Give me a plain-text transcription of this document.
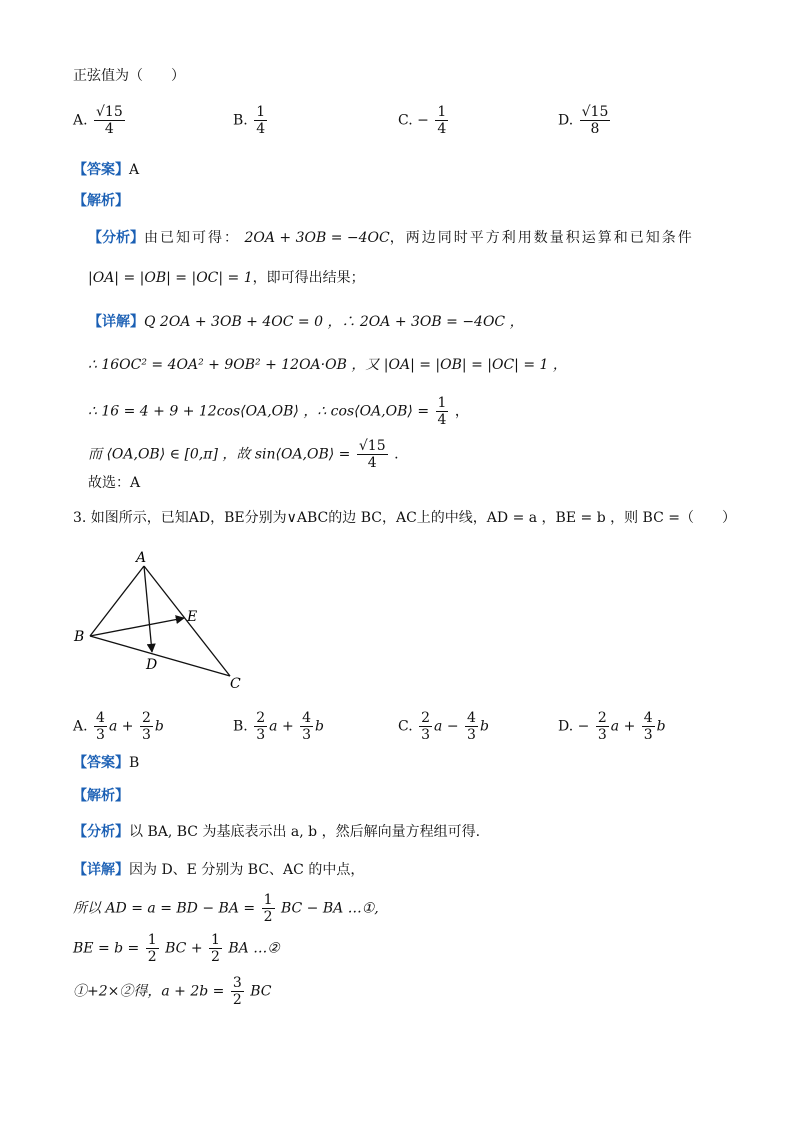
正弦值为（　　）
A. $\frac{√15}{4}$	B. $\frac{1}{4}$	C. − $\frac{1}{4}$	D. $\frac{√15}{8}$
【答案】A
【解析】
【分析】由已知可得： 2OA + 3OB = −4OC，两边同时平方利用数量积运算和已知条件
|OA| = |OB| = |OC| = 1，即可得出结果；
【详解】Q 2OA + 3OB + 4OC = 0 ，∴ 2OA + 3OB = −4OC ，
∴ 16OC² = 4OA² + 9OB² + 12OA·OB ，又 |OA| = |OB| = |OC| = 1 ，
∴ 16 = 4 + 9 + 12cos⟨OA,OB⟩ ，∴ cos⟨OA,OB⟩ = $\frac{1}{4}$ ，
而 ⟨OA,OB⟩ ∈ [0,π] ，故 sin⟨OA,OB⟩ = $\frac{√15}{4}$ .
故选：A
3. 如图所示，已知AD，BE分别为∨ABC的边 BC，AC上的中线，AD = a ，BE = b ，则 BC =（　　）
A
B
C
D
E
A. $\frac{4}{3}$ $a + \frac{2}{3}$ b	B. $\frac{2}{3}$ $a + \frac{4}{3}$ b	C. $\frac{2}{3}$ $a - \frac{4}{3}$ b	D. − $\frac{2}{3}$ $a + \frac{4}{3}$ b
【答案】B
【解析】
【分析】以 BA, BC 为基底表示出 a, b ，然后解向量方程组可得.
【详解】因为 D、E 分别为 BC、AC 的中点，
所以 AD = a = BD − BA = $\frac{1}{2}$ BC − BA …①,
BE = $b = \frac{1}{2}$ BC + $\frac{1}{2}$ BA …②
①+2×②得，$a + 2b = \frac{3}{2}$ BC
